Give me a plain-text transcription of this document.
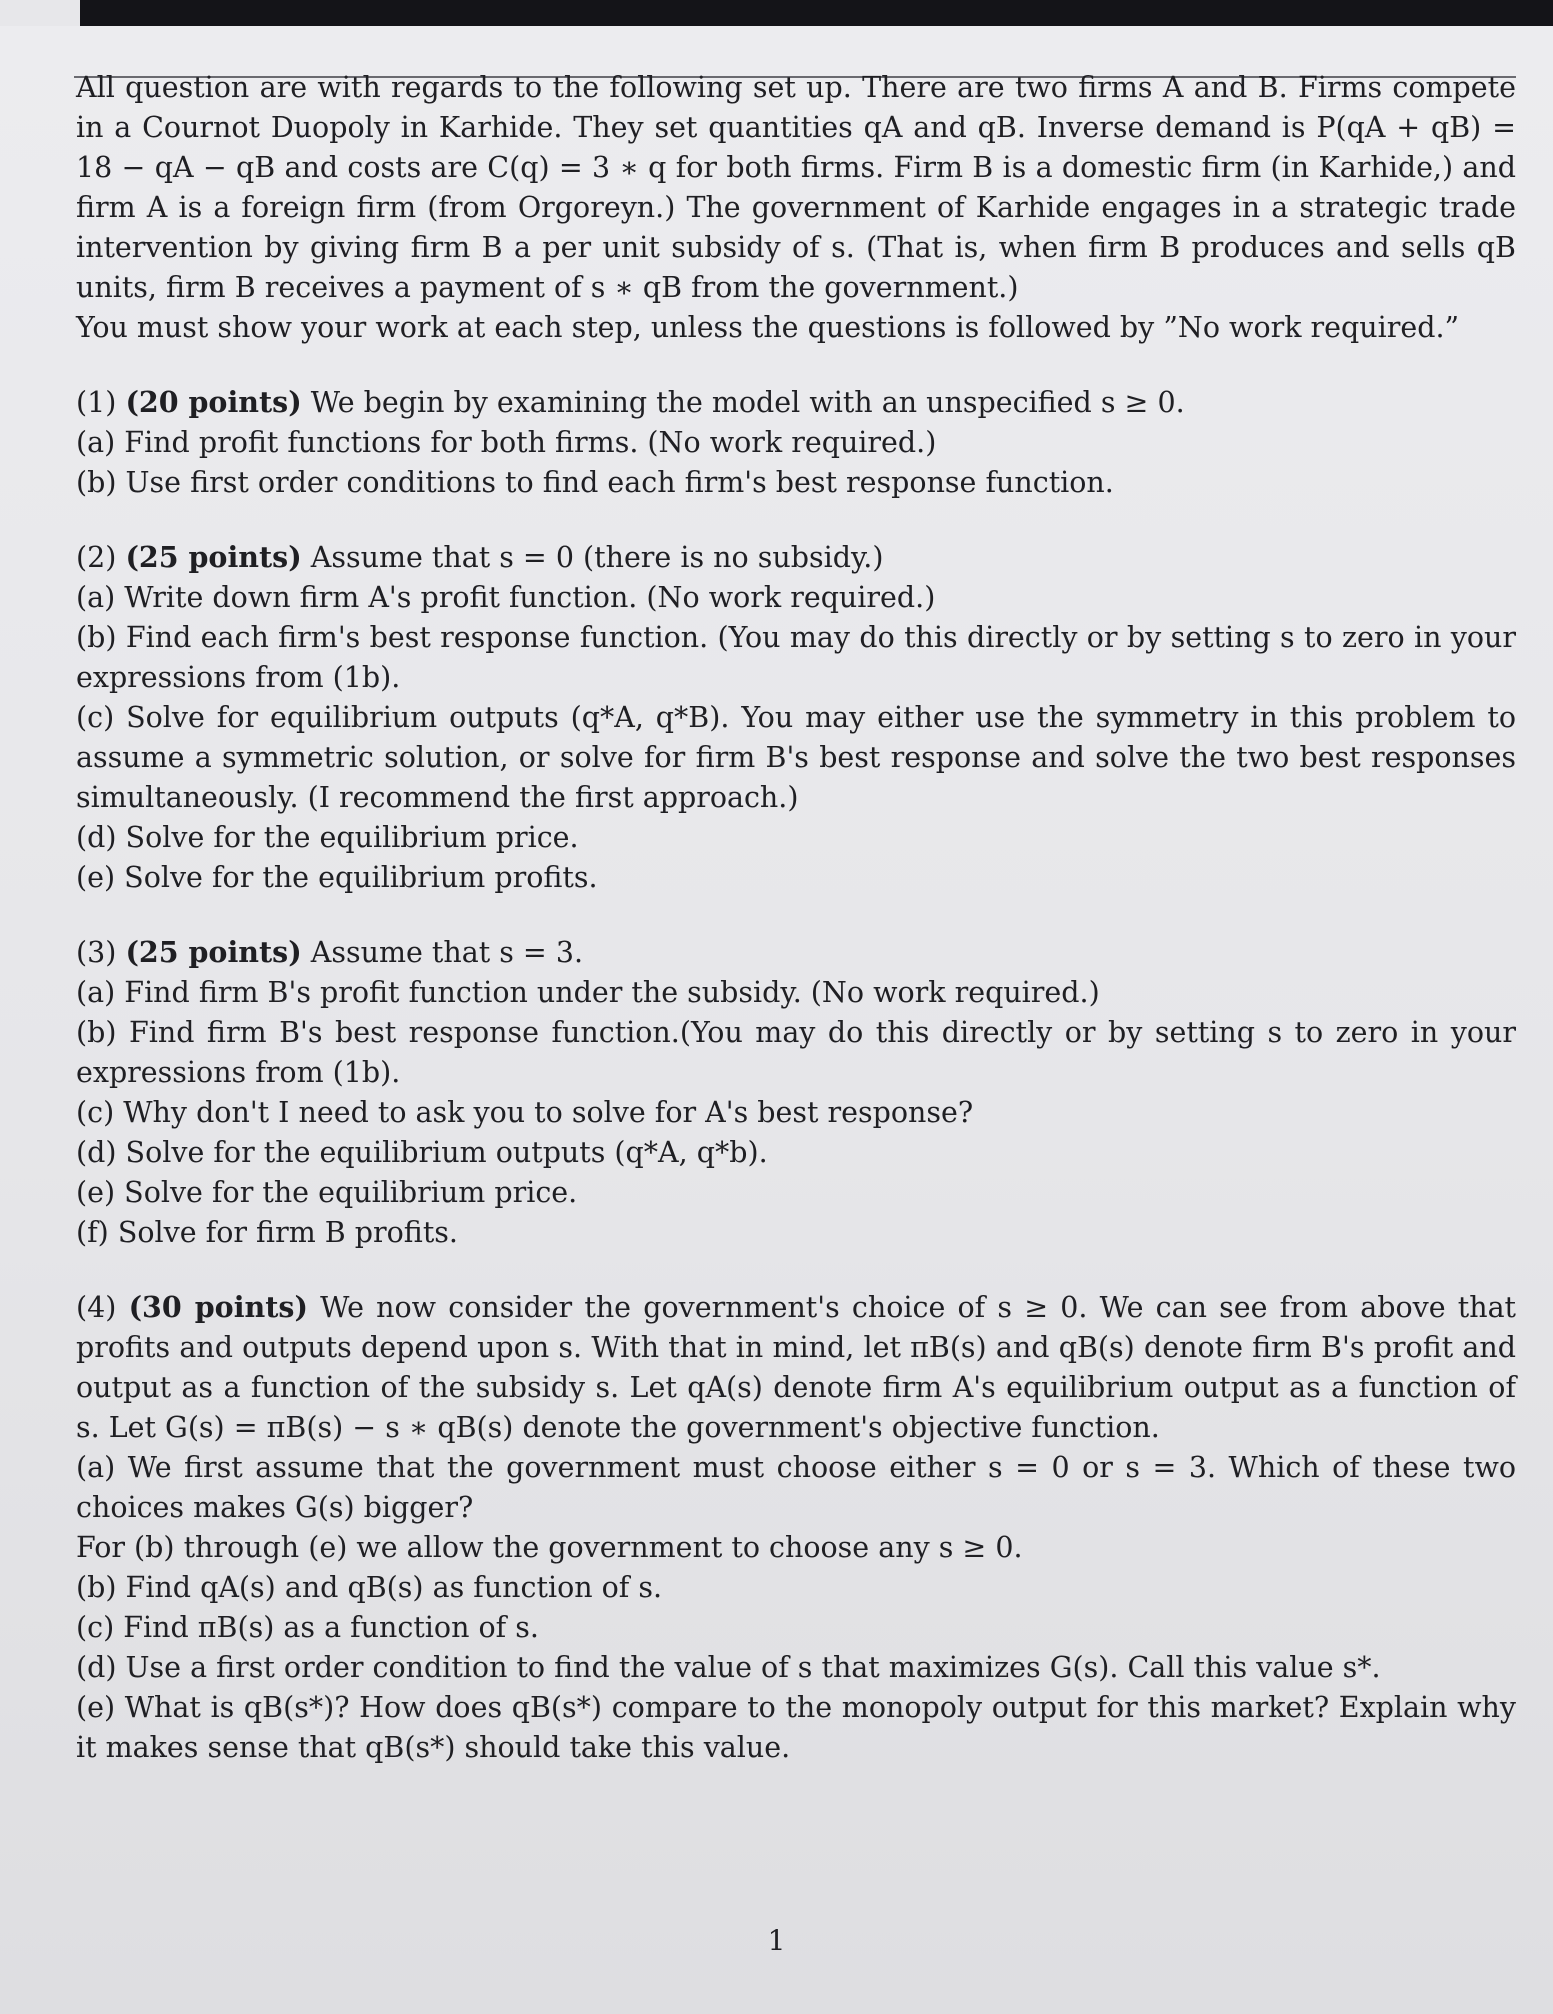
All question are with regards to the following set up. There are two firms A and B. Firms compete in a Cournot Duopoly in Karhide. They set quantities qA and qB. Inverse demand is P(qA + qB) = 18 − qA − qB and costs are C(q) = 3 ∗ q for both firms. Firm B is a domestic firm (in Karhide,) and firm A is a foreign firm (from Orgoreyn.) The government of Karhide engages in a strategic trade intervention by giving firm B a per unit subsidy of s. (That is, when firm B produces and sells qB units, firm B receives a payment of s ∗ qB from the government.)

You must show your work at each step, unless the questions is followed by ”No work required.”

(1) (20 points) We begin by examining the model with an unspecified s ≥ 0.

(a) Find profit functions for both firms. (No work required.)

(b) Use first order conditions to find each firm's best response function.

(2) (25 points) Assume that s = 0 (there is no subsidy.)

(a) Write down firm A's profit function. (No work required.)

(b) Find each firm's best response function. (You may do this directly or by setting s to zero in your expressions from (1b).

(c) Solve for equilibrium outputs (q*A, q*B). You may either use the symmetry in this problem to assume a symmetric solution, or solve for firm B's best response and solve the two best responses simultaneously. (I recommend the first approach.)

(d) Solve for the equilibrium price.

(e) Solve for the equilibrium profits.

(3) (25 points) Assume that s = 3.

(a) Find firm B's profit function under the subsidy. (No work required.)

(b) Find firm B's best response function.(You may do this directly or by setting s to zero in your expressions from (1b).

(c) Why don't I need to ask you to solve for A's best response?

(d) Solve for the equilibrium outputs (q*A, q*b).

(e) Solve for the equilibrium price.

(f) Solve for firm B profits.

(4) (30 points) We now consider the government's choice of s ≥ 0. We can see from above that profits and outputs depend upon s. With that in mind, let πB(s) and qB(s) denote firm B's profit and output as a function of the subsidy s. Let qA(s) denote firm A's equilibrium output as a function of s. Let G(s) = πB(s) − s ∗ qB(s) denote the government's objective function.

(a) We first assume that the government must choose either s = 0 or s = 3. Which of these two choices makes G(s) bigger?

For (b) through (e) we allow the government to choose any s ≥ 0.

(b) Find qA(s) and qB(s) as function of s.

(c) Find πB(s) as a function of s.

(d) Use a first order condition to find the value of s that maximizes G(s). Call this value s*.

(e) What is qB(s*)? How does qB(s*) compare to the monopoly output for this market? Explain why it makes sense that qB(s*) should take this value.

1
